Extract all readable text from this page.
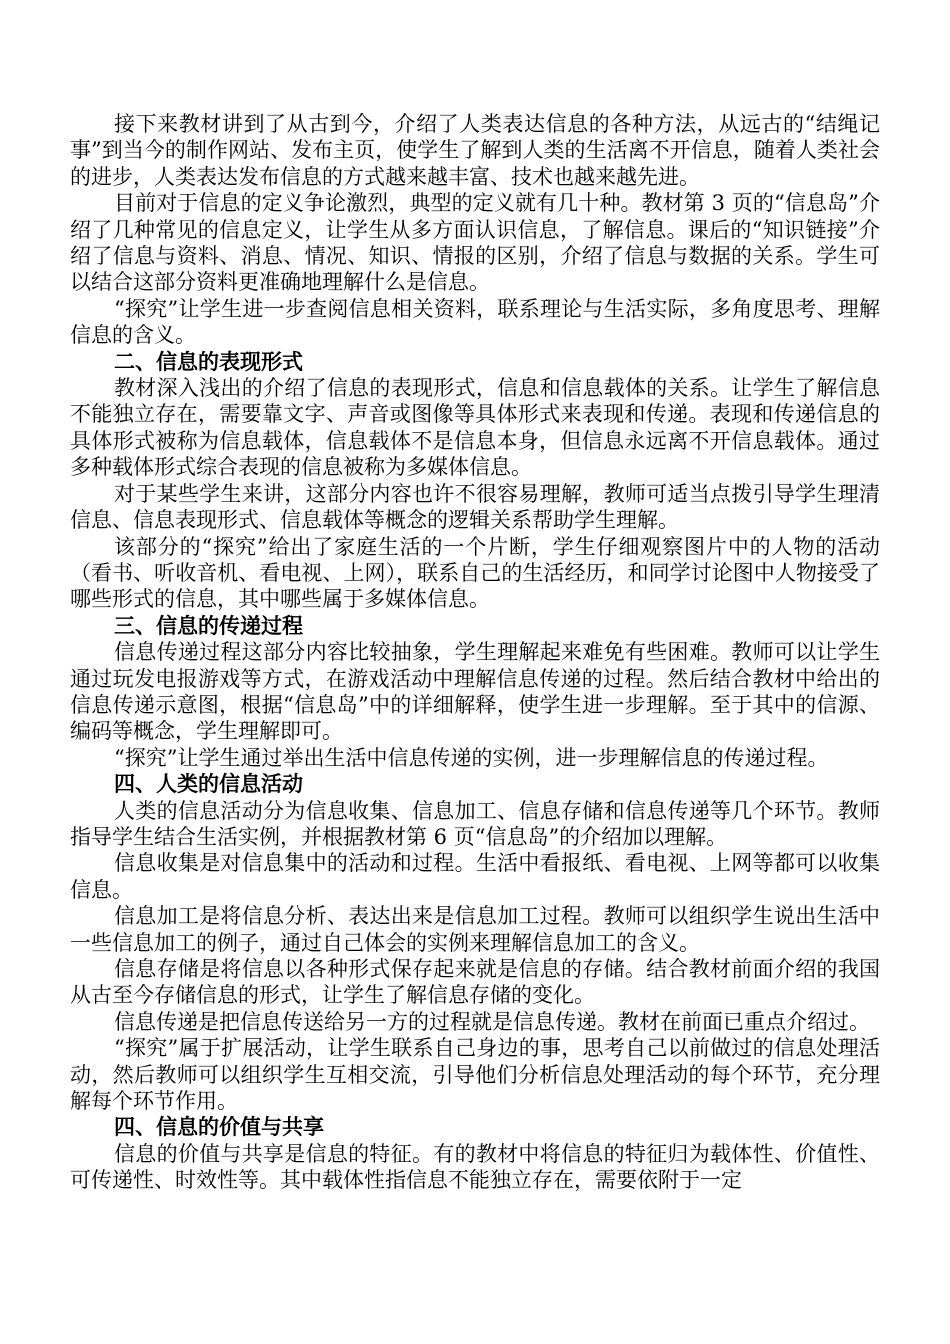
接下来教材讲到了从古到今，介绍了人类表达信息的各种方法，从远古的“结绳记事”到当今的制作网站、发布主页，使学生了解到人类的生活离不开信息，随着人类社会的进步，人类表达发布信息的方式越来越丰富、技术也越来越先进。

目前对于信息的定义争论激烈，典型的定义就有几十种。教材第 3 页的“信息岛”介绍了几种常见的信息定义，让学生从多方面认识信息，了解信息。课后的“知识链接”介绍了信息与资料、消息、情况、知识、情报的区别，介绍了信息与数据的关系。学生可以结合这部分资料更准确地理解什么是信息。

“探究”让学生进一步查阅信息相关资料，联系理论与生活实际，多角度思考、理解信息的含义。

二、信息的表现形式

教材深入浅出的介绍了信息的表现形式，信息和信息载体的关系。让学生了解信息不能独立存在，需要靠文字、声音或图像等具体形式来表现和传递。表现和传递信息的具体形式被称为信息载体，信息载体不是信息本身，但信息永远离不开信息载体。通过多种载体形式综合表现的信息被称为多媒体信息。

对于某些学生来讲，这部分内容也许不很容易理解，教师可适当点拨引导学生理清信息、信息表现形式、信息载体等概念的逻辑关系帮助学生理解。

该部分的“探究”给出了家庭生活的一个片断，学生仔细观察图片中的人物的活动（看书、听收音机、看电视、上网），联系自己的生活经历，和同学讨论图中人物接受了哪些形式的信息，其中哪些属于多媒体信息。

三、信息的传递过程

信息传递过程这部分内容比较抽象，学生理解起来难免有些困难。教师可以让学生通过玩发电报游戏等方式，在游戏活动中理解信息传递的过程。然后结合教材中给出的信息传递示意图，根据“信息岛”中的详细解释，使学生进一步理解。至于其中的信源、编码等概念，学生理解即可。

“探究”让学生通过举出生活中信息传递的实例，进一步理解信息的传递过程。

四、人类的信息活动

人类的信息活动分为信息收集、信息加工、信息存储和信息传递等几个环节。教师指导学生结合生活实例，并根据教材第 6 页“信息岛”的介绍加以理解。

信息收集是对信息集中的活动和过程。生活中看报纸、看电视、上网等都可以收集信息。

信息加工是将信息分析、表达出来是信息加工过程。教师可以组织学生说出生活中一些信息加工的例子，通过自己体会的实例来理解信息加工的含义。

信息存储是将信息以各种形式保存起来就是信息的存储。结合教材前面介绍的我国从古至今存储信息的形式，让学生了解信息存储的变化。

信息传递是把信息传送给另一方的过程就是信息传递。教材在前面已重点介绍过。

“探究”属于扩展活动，让学生联系自己身边的事，思考自己以前做过的信息处理活动，然后教师可以组织学生互相交流，引导他们分析信息处理活动的每个环节，充分理解每个环节作用。

四、信息的价值与共享

信息的价值与共享是信息的特征。有的教材中将信息的特征归为载体性、价值性、可传递性、时效性等。其中载体性指信息不能独立存在，需要依附于一定
